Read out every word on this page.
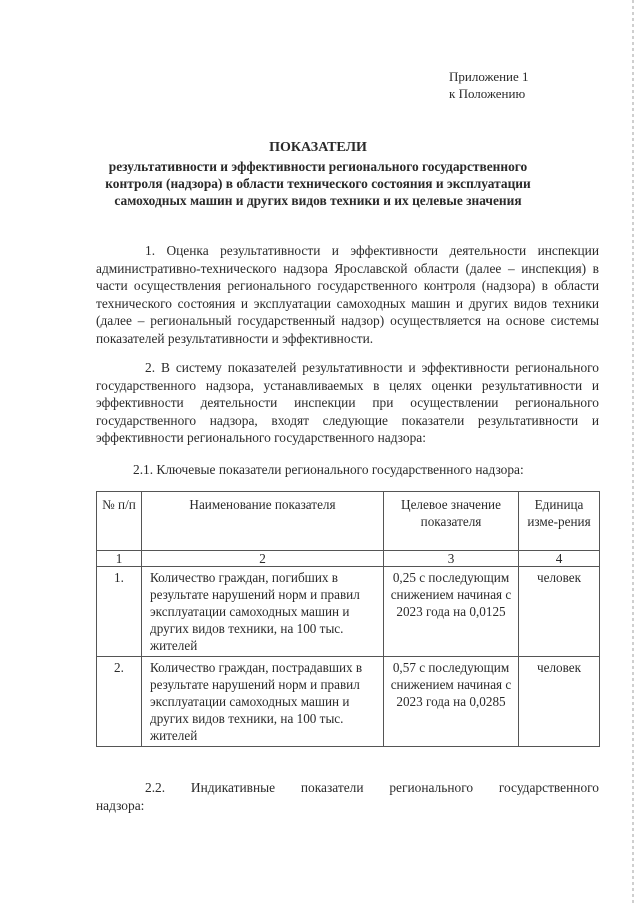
Приложение 1
к Положению
ПОКАЗАТЕЛИ
результативности и эффективности регионального государственного контроля (надзора) в области технического состояния и эксплуатации самоходных машин и других видов техники и их целевые значения

1. Оценка результативности и эффективности деятельности инспекции административно-технического надзора Ярославской области (далее – инспекция) в части осуществления регионального государственного контроля (надзора) в области технического состояния и эксплуатации самоходных машин и других видов техники (далее – региональный государственный надзор) осуществляется на основе системы показателей результативности и эффективности.

2. В систему показателей результативности и эффективности регионального государственного надзора, устанавливаемых в целях оценки результативности и эффективности деятельности инспекции при осуществлении регионального государственного надзора, входят следующие показатели результативности и эффективности регионального государственного надзора:

2.1. Ключевые показатели регионального государственного надзора:

№ п/п	Наименование показателя	Целевое значение показателя	Единица изме-рения
1	2	3	4
1.	Количество граждан, погибших в результате нарушений норм и правил эксплуатации самоходных машин и других видов техники, на 100 тыс. жителей	0,25 с последующим снижением начиная с 2023 года на 0,0125	человек
2.	Количество граждан, пострадавших в результате нарушений норм и правил эксплуатации самоходных машин и других видов техники, на 100 тыс. жителей	0,57 с последующим снижением начиная с 2023 года на 0,0285	человек

2.2. Индикативные показатели регионального государственного

надзора:
